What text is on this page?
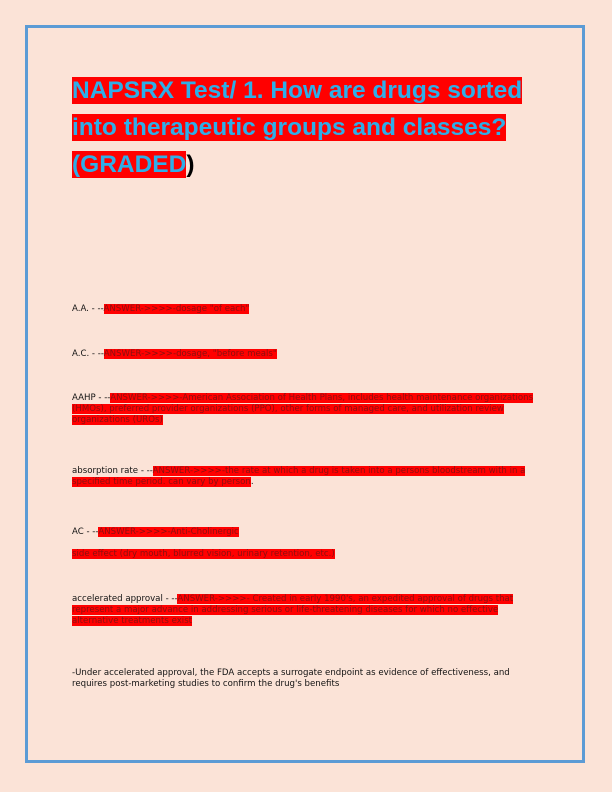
NAPSRX Test/ 1. How are drugs sorted into therapeutic groups and classes? (GRADED)

A.A. - --ANSWER->>>>-dosage "of each"

A.C. - --ANSWER->>>>-dosage, "before meals"

AAHP - --ANSWER->>>>-American Association of Health Plans, includes health maintenance organizations (HMOs), preferred provider organizations (PPO), other forms of managed care, and utilization review organizations (UROs)

absorption rate - --ANSWER->>>>-the rate at which a drug is taken into a persons bloodstream with in a specified time period. can vary by person.

AC - --ANSWER->>>>-Anti-Cholinergic

side effect (dry mouth, blurred vision, urinary retention, etc.)

accelerated approval - --ANSWER->>>>- Created in early 1990's, an expedited approval of drugs that represent a major advance in addressing serious or life-threatening diseases for which no effective alternative treatments exist

-Under accelerated approval, the FDA accepts a surrogate endpoint as evidence of effectiveness, and requires post-marketing studies to confirm the drug's benefits
